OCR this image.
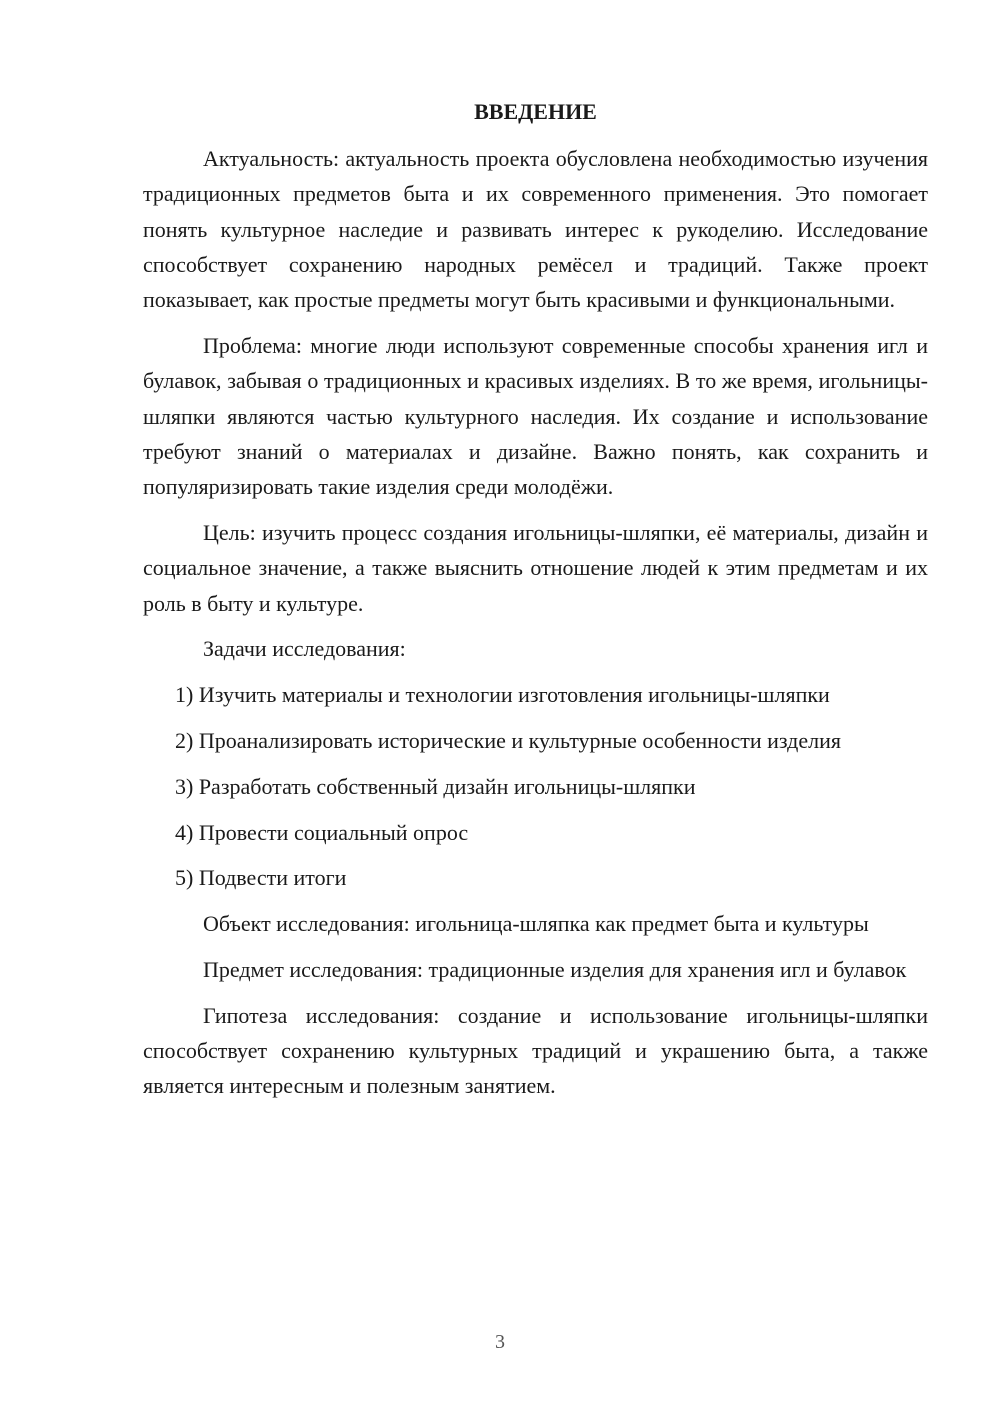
ВВЕДЕНИЕ

Актуальность: актуальность проекта обусловлена необходимостью изучения традиционных предметов быта и их современного применения. Это помогает понять культурное наследие и развивать интерес к рукоделию. Исследование способствует сохранению народных ремёсел и традиций. Также проект показывает, как простые предметы могут быть красивыми и функциональными.

Проблема: многие люди используют современные способы хранения игл и булавок, забывая о традиционных и красивых изделиях. В то же время, игольницы-шляпки являются частью культурного наследия. Их создание и использование требуют знаний о материалах и дизайне. Важно понять, как сохранить и популяризировать такие изделия среди молодёжи.

Цель: изучить процесс создания игольницы-шляпки, её материалы, дизайн и социальное значение, а также выяснить отношение людей к этим предметам и их роль в быту и культуре.

Задачи исследования:

1) Изучить материалы и технологии изготовления игольницы-шляпки

2) Проанализировать исторические и культурные особенности изделия

3) Разработать собственный дизайн игольницы-шляпки

4) Провести социальный опрос

5) Подвести итоги

Объект исследования: игольница-шляпка как предмет быта и культуры

Предмет исследования: традиционные изделия для хранения игл и булавок

Гипотеза исследования: создание и использование игольницы-шляпки способствует сохранению культурных традиций и украшению быта, а также является интересным и полезным занятием.

3
